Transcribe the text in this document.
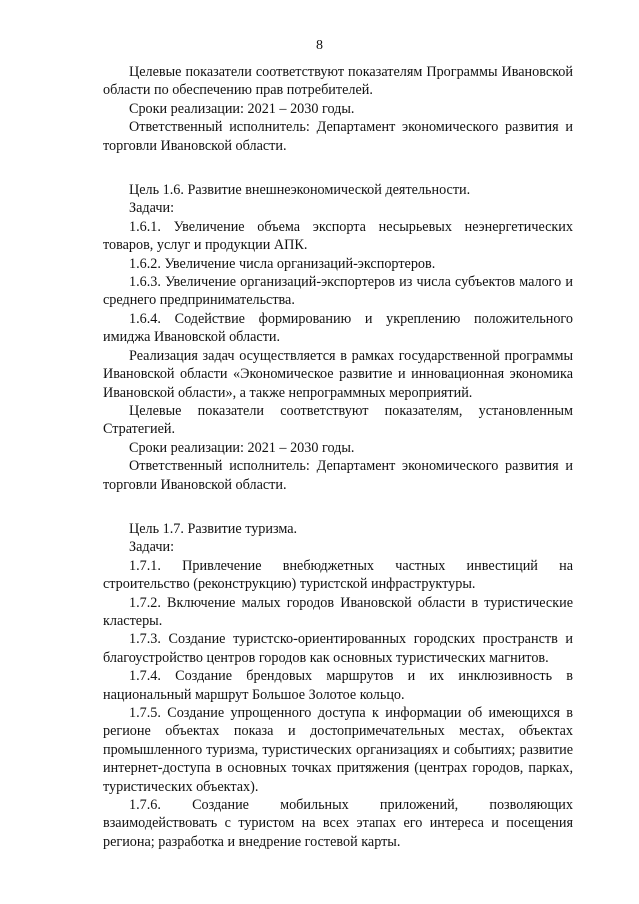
8

Целевые показатели соответствуют показателям Программы Ивановской области по обеспечению прав потребителей.

Сроки реализации: 2021 – 2030 годы.

Ответственный исполнитель: Департамент экономического развития и торговли Ивановской области.

Цель 1.6. Развитие внешнеэкономической деятельности.

Задачи:

1.6.1. Увеличение объема экспорта несырьевых неэнергетических товаров, услуг и продукции АПК.

1.6.2. Увеличение числа организаций-экспортеров.

1.6.3. Увеличение организаций-экспортеров из числа субъектов малого и среднего предпринимательства.

1.6.4. Содействие формированию и укреплению положительного имиджа Ивановской области.

Реализация задач осуществляется в рамках государственной программы Ивановской области «Экономическое развитие и инновационная экономика Ивановской области», а также непрограммных мероприятий.

Целевые показатели соответствуют показателям, установленным Стратегией.

Сроки реализации: 2021 – 2030 годы.

Ответственный исполнитель: Департамент экономического развития и торговли Ивановской области.

Цель 1.7. Развитие туризма.

Задачи:

1.7.1. Привлечение внебюджетных частных инвестиций на строительство (реконструкцию) туристской инфраструктуры.

1.7.2. Включение малых городов Ивановской области в туристические кластеры.

1.7.3. Создание туристско-ориентированных городских пространств и благоустройство центров городов как основных туристических магнитов.

1.7.4. Создание брендовых маршрутов и их инклюзивность в национальный маршрут Большое Золотое кольцо.

1.7.5. Создание упрощенного доступа к информации об имеющихся в регионе объектах показа и достопримечательных местах, объектах промышленного туризма, туристических организациях и событиях; развитие интернет-доступа в основных точках притяжения (центрах городов, парках, туристических объектах).

1.7.6. Создание мобильных приложений, позволяющих взаимодействовать с туристом на всех этапах его интереса и посещения региона; разработка и внедрение гостевой карты.
